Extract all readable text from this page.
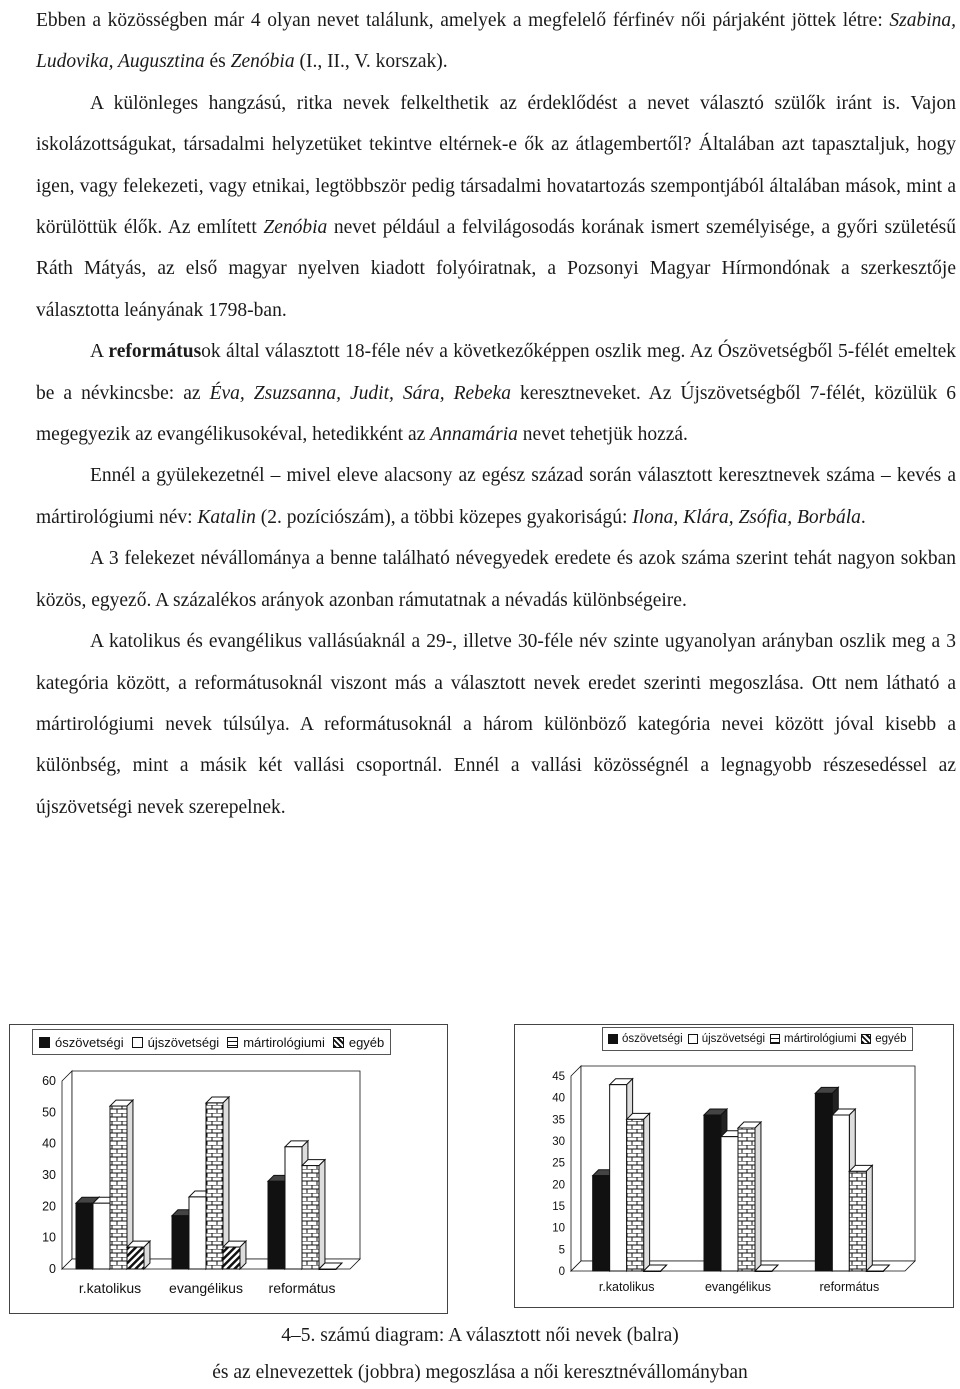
Ebben a közösségben már 4 olyan nevet találunk, amelyek a megfelelő férfinév női párjaként jöttek létre: Szabina, Ludovika, Augusztina és Zenóbia (I., II., V. korszak).

A különleges hangzású, ritka nevek felkelthetik az érdeklődést a nevet választó szülők iránt is. Vajon iskolázottságukat, társadalmi helyzetüket tekintve eltérnek-e ők az átlagembertől? Általában azt tapasztaljuk, hogy igen, vagy felekezeti, vagy etnikai, legtöbbször pedig társadalmi hovatartozás szempontjából általában mások, mint a körülöttük élők. Az említett Zenóbia nevet például a felvilágosodás korának ismert személyisége, a győri születésű Ráth Mátyás, az első magyar nyelven kiadott folyóiratnak, a Pozsonyi Magyar Hírmondónak a szerkesztője választotta leányának 1798-ban.

A reformátusok által választott 18-féle név a következőképpen oszlik meg. Az Ószövetségből 5-félét emeltek be a névkincsbe: az Éva, Zsuzsanna, Judit, Sára, Rebeka keresztneveket. Az Újszövetségből 7-félét, közülük 6 megegyezik az evangélikusokéval, hetedikként az Annamária nevet tehetjük hozzá.

Ennél a gyülekezetnél – mivel eleve alacsony az egész század során választott keresztnevek száma – kevés a mártirológiumi név: Katalin (2. pozíciószám), a többi közepes gyakoriságú: Ilona, Klára, Zsófia, Borbála.

A 3 felekezet névállománya a benne található névegyedek eredete és azok száma szerint tehát nagyon sokban közös, egyező. A százalékos arányok azonban rámutatnak a névadás különbségeire.

A katolikus és evangélikus vallásúaknál a 29-, illetve 30-féle név szinte ugyanolyan arányban oszlik meg a 3 kategória között, a reformátusoknál viszont más a választott nevek eredet szerinti megoszlása. Ott nem látható a mártirológiumi nevek túlsúlya. A reformátusoknál a három különböző kategória nevei között jóval kisebb a különbség, mint a másik két vallási csoportnál. Ennél a vallási közösségnél a legnagyobb részesedéssel az újszövetségi nevek szerepelnek.

ószövetségi újszövetségi mártirológiumi egyéb
0
10
20
30
40
50
60
r.katolikus evangélikus református
ószövetségi újszövetségi mártirológiumi egyéb
0
5
10
15
20
25
30
35
40
45
r.katolikus	evangélikus	református
4–5. számú diagram: A választott női nevek (balra)
és az elnevezettek (jobbra) megoszlása a női keresztnévállományban
